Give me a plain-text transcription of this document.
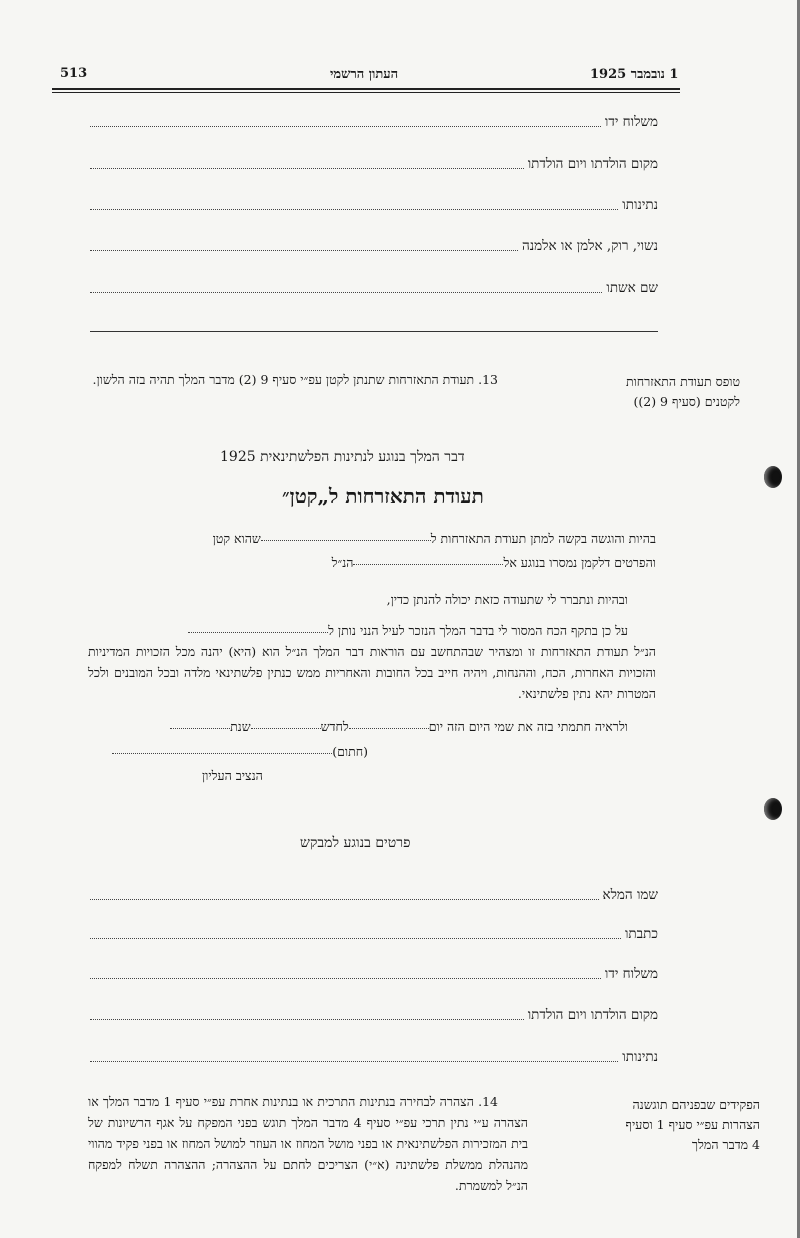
513	העתון הרשמי	1 נובמבר 1925
משלוח ידו
מקום הולדתו ויום הולדתו
נתינותו
נשוי, רוק, אלמן או אלמנה
שם אשתו
טופס תעודת התאזרחות לקטנים (סעיף 9 (2))
13. תעודת התאזרחות שתנתן לקטן עפ״י סעיף 9 (2) מדבר המלך תהיה בזה הלשון.
דבר המלך בנוגע לנתינות הפלשתינאית 1925
תעודת התאזרחות ל„קטן״
בהיות והוגשה בקשה למתן תעודת התאזרחות לשהוא קטן
והפרטים דלקמן נמסרו בנוגע אלהנ״ל
ובהיות ונתברר לי שתעודה כזאת יכולה להנתן כדין,
על כן בתקף הכח המסור לי בדבר המלך הנזכר לעיל הנני נותן ל
הנ״ל תעודת התאזרחות זו ומצהיר שבהתחשב עם הוראות דבר המלך הנ״ל הוא (היא) יהנה מכל הזכויות המדיניות והזכויות האחרות, הכח, וההנחות, ויהיה חייב בכל החובות והאחריות ממש כנתין פלשתינאי מלדה ובכל המובנים ולכל המטרות יהא נתין פלשתינאי.
ולראיה חתמתי בזה את שמי היום הזה יוםלחדששנת
(חתום)
הנציב העליון
פרטים בנוגע למבקש
שמו המלא
כתבתו
משלוח ידו
מקום הולדתו ויום הולדתו
נתינותו
הפקידים שבפניהם תוגשנה הצהרות עפ״י סעיף 1 וסעיף 4 מדבר המלך
14. הצהרה לבחירה בנתינות התרכית או בנתינות אחרת עפ״י סעיף 1 מדבר המלך או הצהרה ע״י נתין תרכי עפ״י סעיף 4 מדבר המלך תוגש בפני המפקח על אגף הרשיונות של בית המזכירות הפלשתינאית או בפני מושל המחוז או העוזר למושל המחוז או בפני פקיד מהווי מהנהלת ממשלת פלשתינה (א״י) הצריכים לחתם על ההצהרה; ההצהרה תשלח למפקח הנ״ל למשמרת.
